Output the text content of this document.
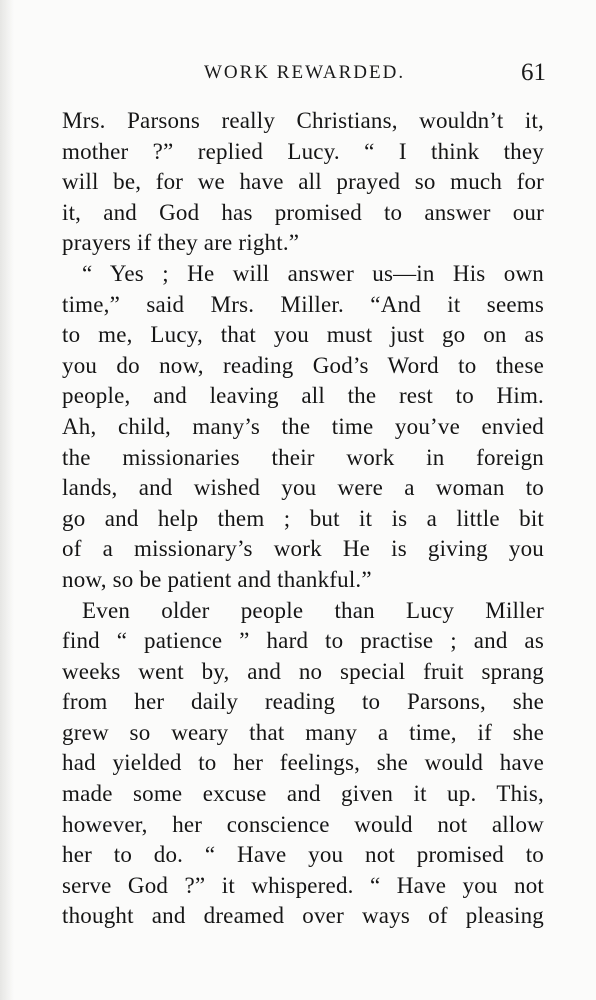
WORK REWARDED.	61
Mrs. Parsons really Christians, wouldn’t it,
mother ?” replied Lucy. “ I think they
will be, for we have all prayed so much for
it, and God has promised to answer our
prayers if they are right.”
“ Yes ; He will answer us—in His own
time,” said Mrs. Miller. “And it seems
to me, Lucy, that you must just go on as
you do now, reading God’s Word to these
people, and leaving all the rest to Him.
Ah, child, many’s the time you’ve envied
the missionaries their work in foreign
lands, and wished you were a woman to
go and help them ; but it is a little bit
of a missionary’s work He is giving you
now, so be patient and thankful.”
Even older people than Lucy Miller
find “ patience ” hard to practise ; and as
weeks went by, and no special fruit sprang
from her daily reading to Parsons, she
grew so weary that many a time, if she
had yielded to her feelings, she would have
made some excuse and given it up. This,
however, her conscience would not allow
her to do. “ Have you not promised to
serve God ?” it whispered. “ Have you not
thought and dreamed over ways of pleasing
